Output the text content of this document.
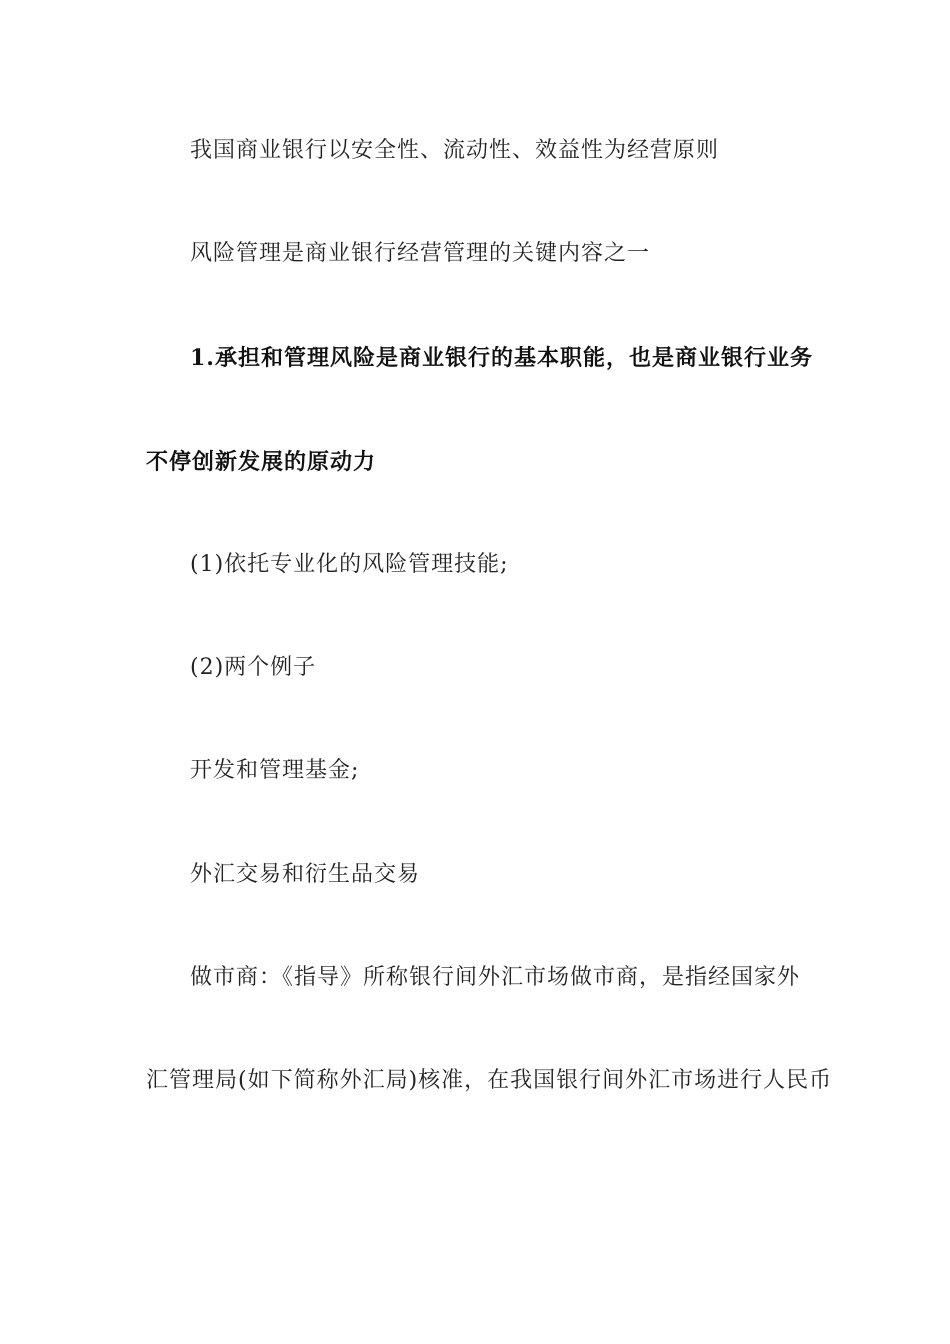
我国商业银行以安全性、流动性、效益性为经营原则
风险管理是商业银行经营管理的关键内容之一
1.承担和管理风险是商业银行的基本职能，也是商业银行业务
不停创新发展的原动力
(1)依托专业化的风险管理技能;
(2)两个例子
开发和管理基金;
外汇交易和衍生品交易
做市商：《指导》所称银行间外汇市场做市商，是指经国家外
汇管理局(如下简称外汇局)核准，在我国银行间外汇市场进行人民币
